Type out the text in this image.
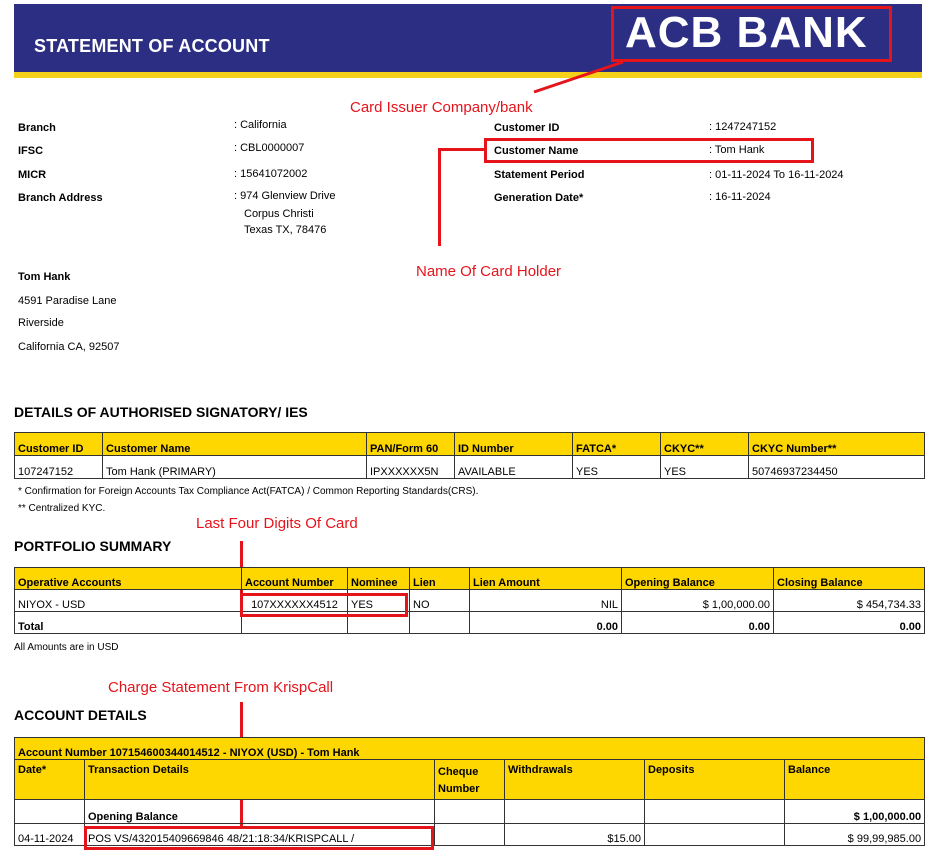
STATEMENT OF ACCOUNT	ACB BANK
Card Issuer Company/bank
Branch	: California
IFSC	: CBL0000007
MICR	: 15641072002
Branch Address	: 974 Glenview Drive
Corpus Christi
Texas TX, 78476
Customer ID	: 1247247152
Customer Name	: Tom Hank
Statement Period	: 01-11-2024 To 16-11-2024
Generation Date*	: 16-11-2024
Name Of Card Holder
Tom Hank
4591 Paradise Lane
Riverside
California CA, 92507
DETAILS OF AUTHORISED SIGNATORY/ IES
Customer ID	Customer Name	PAN/Form 60	ID Number	FATCA*	CKYC**	CKYC Number**
107247152	Tom Hank (PRIMARY)	IPXXXXXX5N	AVAILABLE	YES	YES	50746937234450
* Confirmation for Foreign Accounts Tax Compliance Act(FATCA) / Common Reporting Standards(CRS).
** Centralized KYC.
Last Four Digits Of Card
PORTFOLIO SUMMARY
Operative Accounts	Account Number	Nominee	Lien	Lien Amount	Opening Balance	Closing Balance
NIYOX - USD	107XXXXXX4512	YES	NO	NIL	$ 1,00,000.00	$ 454,734.33
Total				0.00	0.00	0.00
All Amounts are in USD
Charge Statement From KrispCall
ACCOUNT DETAILS
Account Number 107154600344014512 - NIYOX (USD) - Tom Hank					
Date*	Transaction Details	Cheque Number	Withdrawals	Deposits	Balance
	Opening Balance				$ 1,00,000.00
04-11-2024	POS VS/432015409669846 48/21:18:34/KRISPCALL /		$15.00		$ 99,99,985.00
